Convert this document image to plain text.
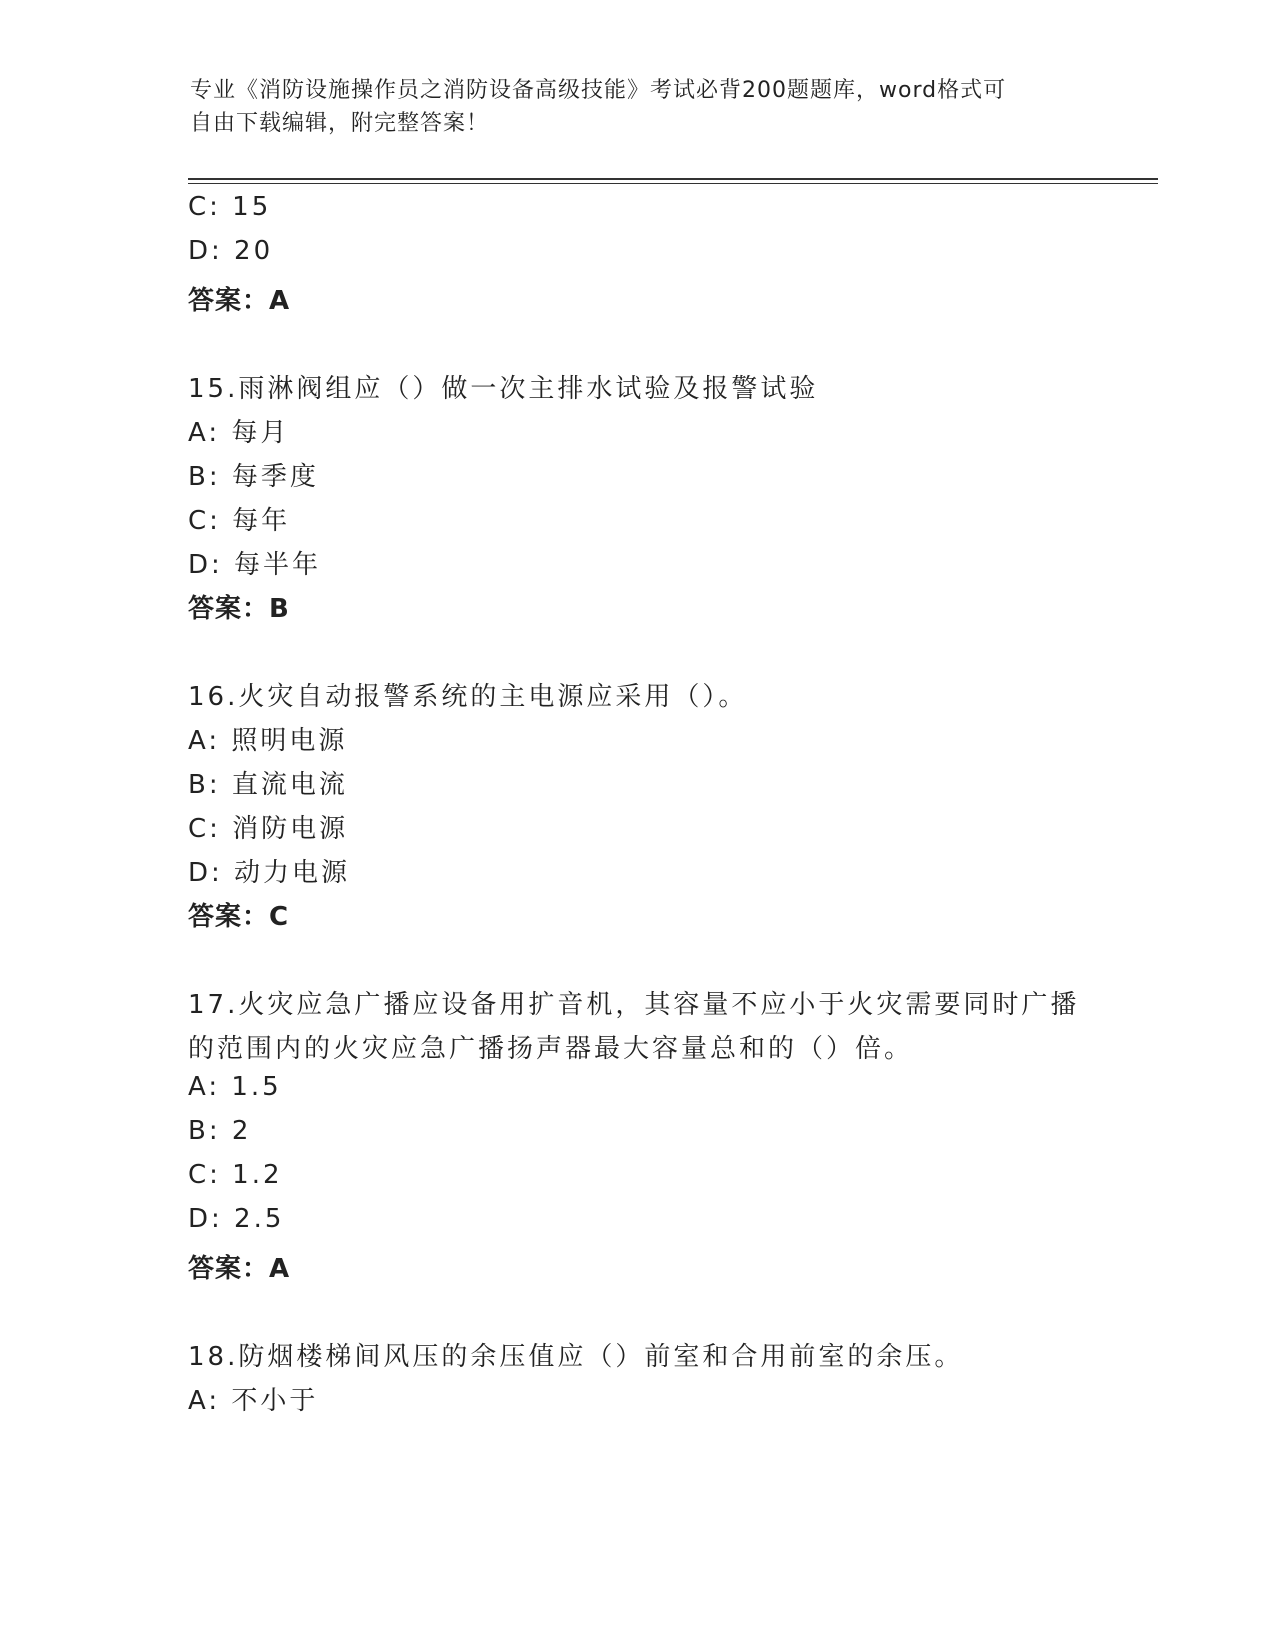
专业《消防设施操作员之消防设备高级技能》考试必背200题题库，word格式可
自由下载编辑，附完整答案！
C: 15
D: 20
答案：A
15.雨淋阀组应（）做一次主排水试验及报警试验
A: 每月
B: 每季度
C: 每年
D: 每半年
答案：B
16.火灾自动报警系统的主电源应采用（）。
A: 照明电源
B: 直流电流
C: 消防电源
D: 动力电源
答案：C
17.火灾应急广播应设备用扩音机，其容量不应小于火灾需要同时广播
的范围内的火灾应急广播扬声器最大容量总和的（）倍。
A: 1.5
B: 2
C: 1.2
D: 2.5
答案：A
18.防烟楼梯间风压的余压值应（）前室和合用前室的余压。
A: 不小于
